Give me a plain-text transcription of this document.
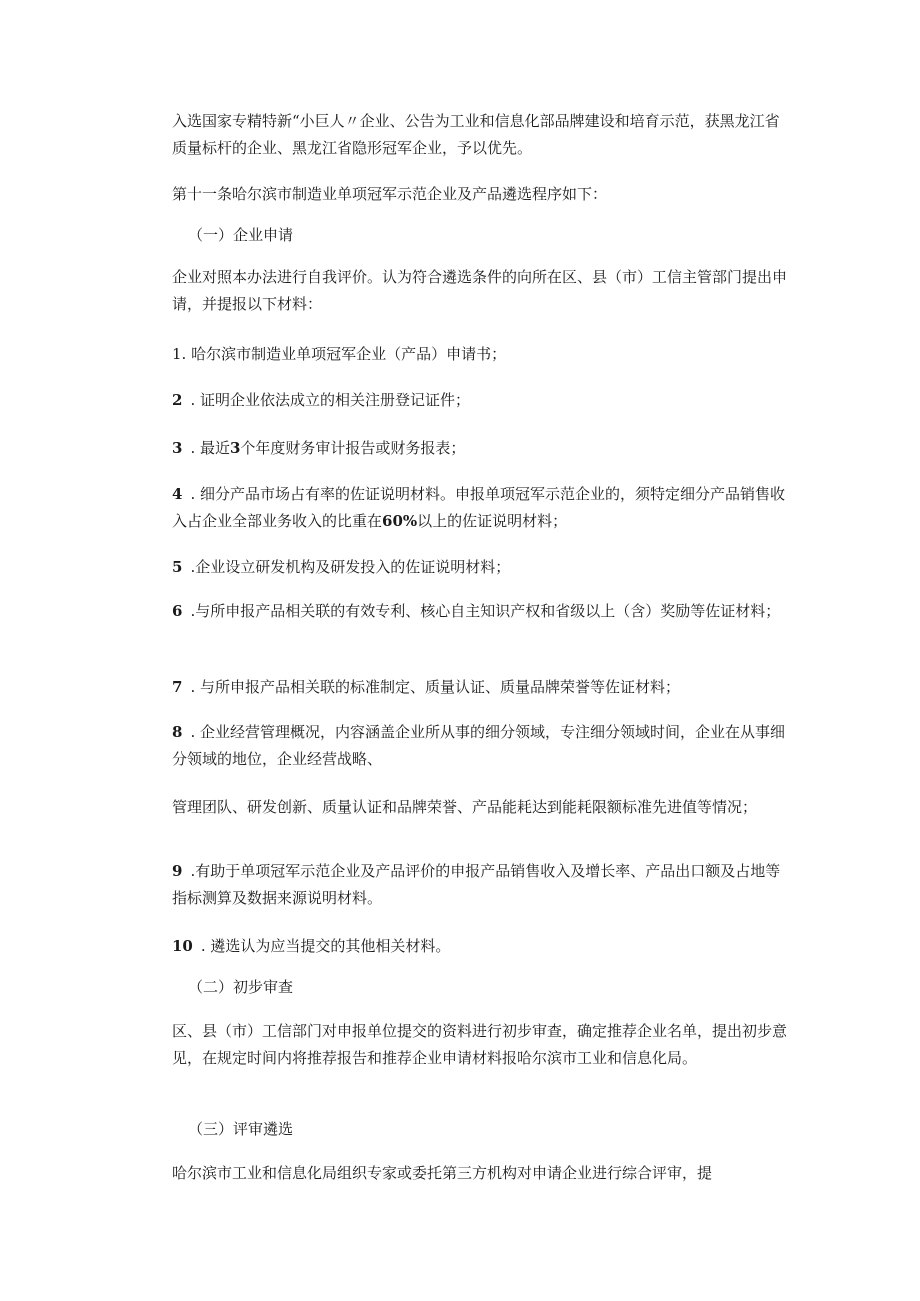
入选国家专精特新“小巨人〃企业、公告为工业和信息化部品牌建设和培育示范，获黑龙江省质量标杆的企业、黑龙江省隐形冠军企业，予以优先。
第十一条哈尔滨市制造业单项冠军示范企业及产品遴选程序如下：
（一）企业申请
企业对照本办法进行自我评价。认为符合遴选条件的向所在区、县（市）工信主管部门提出申请，并提报以下材料：
1. 哈尔滨市制造业单项冠军企业（产品）申请书；
2 . 证明企业依法成立的相关注册登记证件；
3 . 最近3个年度财务审计报告或财务报表；
4 . 细分产品市场占有率的佐证说明材料。申报单项冠军示范企业的，须特定细分产品销售收入占企业全部业务收入的比重在60%以上的佐证说明材料；
5 .企业设立研发机构及研发投入的佐证说明材料；
6 .与所申报产品相关联的有效专利、核心自主知识产权和省级以上（含）奖励等佐证材料；
7 . 与所申报产品相关联的标准制定、质量认证、质量品牌荣誉等佐证材料；
8 . 企业经营管理概况，内容涵盖企业所从事的细分领域，专注细分领域时间，企业在从事细分领域的地位，企业经营战略、
管理团队、研发创新、质量认证和品牌荣誉、产品能耗达到能耗限额标准先进值等情况；
9 .有助于单项冠军示范企业及产品评价的申报产品销售收入及增长率、产品出口额及占地等指标测算及数据来源说明材料。
10 . 遴选认为应当提交的其他相关材料。
（二）初步审查
区、县（市）工信部门对申报单位提交的资料进行初步审查，确定推荐企业名单，提出初步意见，在规定时间内将推荐报告和推荐企业申请材料报哈尔滨市工业和信息化局。
（三）评审遴选
哈尔滨市工业和信息化局组织专家或委托第三方机构对申请企业进行综合评审，提
